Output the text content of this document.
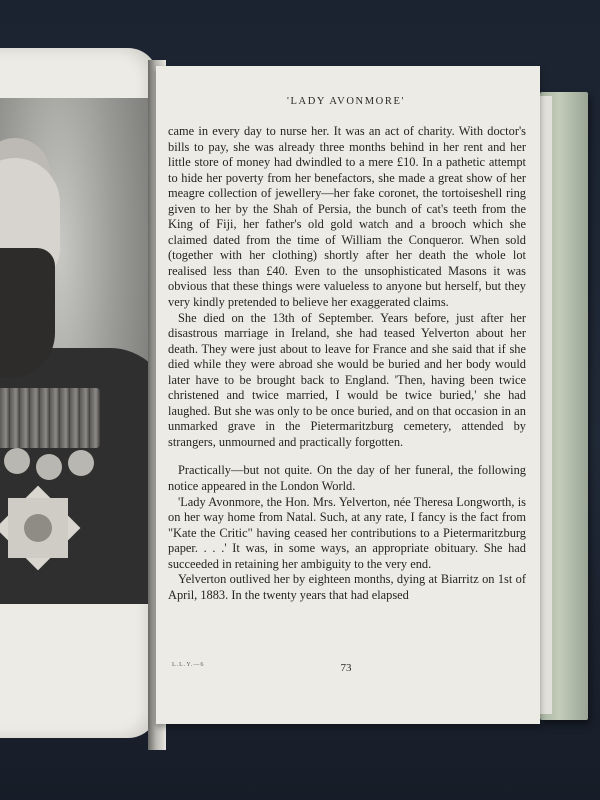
'LADY AVONMORE'

came in every day to nurse her. It was an act of charity. With doctor's bills to pay, she was already three months behind in her rent and her little store of money had dwindled to a mere £10. In a pathetic attempt to hide her poverty from her benefactors, she made a great show of her meagre collection of jewellery—her fake coronet, the tortoiseshell ring given to her by the Shah of Persia, the bunch of cat's teeth from the King of Fiji, her father's old gold watch and a brooch which she claimed dated from the time of William the Conqueror. When sold (together with her clothing) shortly after her death the whole lot realised less than £40. Even to the unsophisticated Masons it was obvious that these things were valueless to anyone but herself, but they very kindly pretended to believe her exaggerated claims.

She died on the 13th of September. Years before, just after her disastrous marriage in Ireland, she had teased Yelverton about her death. They were just about to leave for France and she said that if she died while they were abroad she would be buried and her body would later have to be brought back to England. 'Then, having been twice christened and twice married, I would be twice buried,' she had laughed. But she was only to be once buried, and on that occasion in an unmarked grave in the Pietermaritzburg cemetery, attended by strangers, unmourned and practically forgotten.

Practically—but not quite. On the day of her funeral, the following notice appeared in the London World.

'Lady Avonmore, the Hon. Mrs. Yelverton, née Theresa Longworth, is on her way home from Natal. Such, at any rate, I fancy is the fact from "Kate the Critic" having ceased her contributions to a Pietermaritzburg paper. . . .' It was, in some ways, an appropriate obituary. She had succeeded in retaining her ambiguity to the very end.

Yelverton outlived her by eighteen months, dying at Biarritz on 1st of April, 1883. In the twenty years that had elapsed

L.L.Y.—6	73
